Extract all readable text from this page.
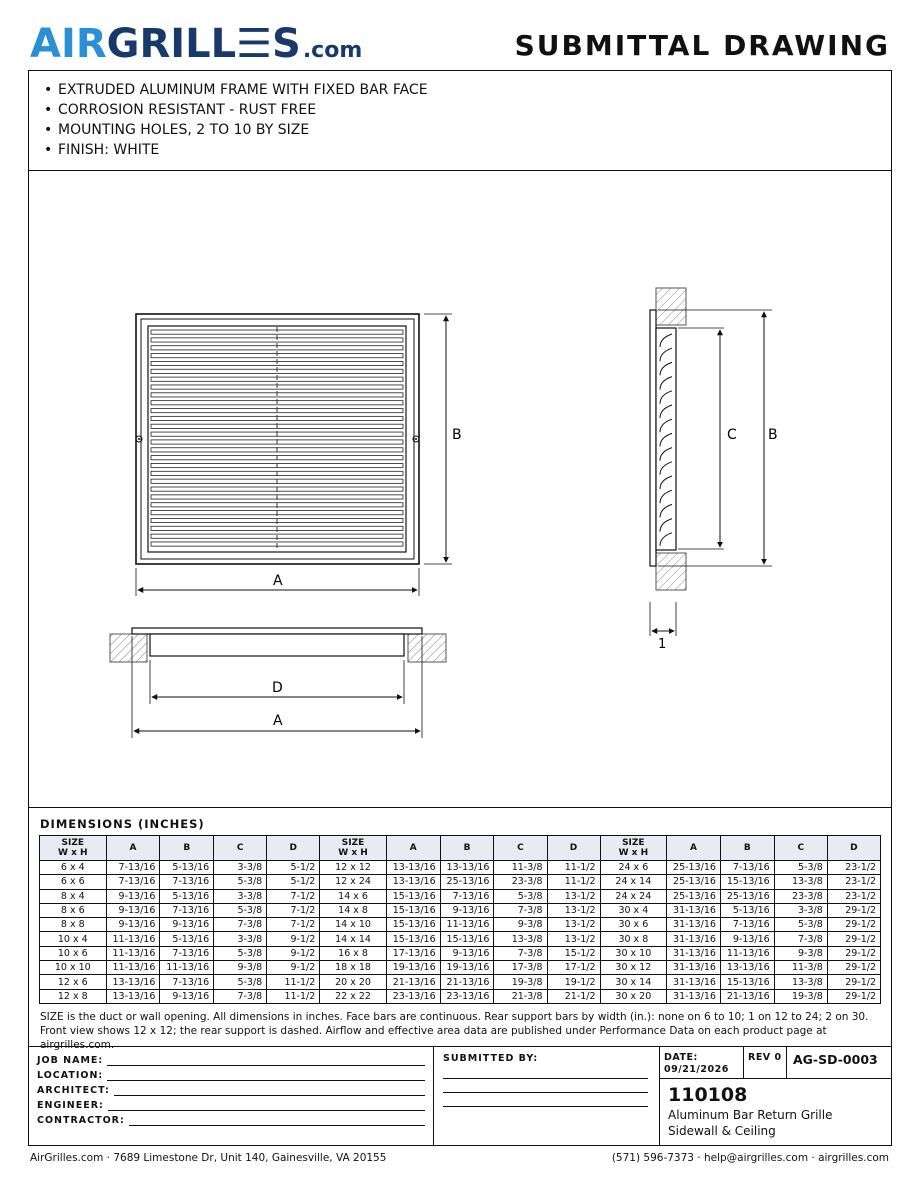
AIR GRILL☰S .com	SUBMITTAL DRAWING
• EXTRUDED ALUMINUM FRAME WITH FIXED BAR FACE
• CORROSION RESISTANT - RUST FREE
• MOUNTING HOLES, 2 TO 10 BY SIZE
• FINISH: WHITE
B
A
D
A
C B
1
DIMENSIONS (INCHES)
SIZE
W x H	A	B	C	D	SIZE
W x H	A	B	C	D	SIZE
W x H	A	B	C	D
6 x 4	7-13/16	5-13/16	3-3/8	5-1/2	12 x 12	13-13/16	13-13/16	11-3/8	11-1/2	24 x 6	25-13/16	7-13/16	5-3/8	23-1/2
6 x 6	7-13/16	7-13/16	5-3/8	5-1/2	12 x 24	13-13/16	25-13/16	23-3/8	11-1/2	24 x 14	25-13/16	15-13/16	13-3/8	23-1/2
8 x 4	9-13/16	5-13/16	3-3/8	7-1/2	14 x 6	15-13/16	7-13/16	5-3/8	13-1/2	24 x 24	25-13/16	25-13/16	23-3/8	23-1/2
8 x 6	9-13/16	7-13/16	5-3/8	7-1/2	14 x 8	15-13/16	9-13/16	7-3/8	13-1/2	30 x 4	31-13/16	5-13/16	3-3/8	29-1/2
8 x 8	9-13/16	9-13/16	7-3/8	7-1/2	14 x 10	15-13/16	11-13/16	9-3/8	13-1/2	30 x 6	31-13/16	7-13/16	5-3/8	29-1/2
10 x 4	11-13/16	5-13/16	3-3/8	9-1/2	14 x 14	15-13/16	15-13/16	13-3/8	13-1/2	30 x 8	31-13/16	9-13/16	7-3/8	29-1/2
10 x 6	11-13/16	7-13/16	5-3/8	9-1/2	16 x 8	17-13/16	9-13/16	7-3/8	15-1/2	30 x 10	31-13/16	11-13/16	9-3/8	29-1/2
10 x 10	11-13/16	11-13/16	9-3/8	9-1/2	18 x 18	19-13/16	19-13/16	17-3/8	17-1/2	30 x 12	31-13/16	13-13/16	11-3/8	29-1/2
12 x 6	13-13/16	7-13/16	5-3/8	11-1/2	20 x 20	21-13/16	21-13/16	19-3/8	19-1/2	30 x 14	31-13/16	15-13/16	13-3/8	29-1/2
12 x 8	13-13/16	9-13/16	7-3/8	11-1/2	22 x 22	23-13/16	23-13/16	21-3/8	21-1/2	30 x 20	31-13/16	21-13/16	19-3/8	29-1/2
SIZE is the duct or wall opening. All dimensions in inches. Face bars are continuous. Rear support bars by width (in.): none on 6 to 10; 1 on 12 to 24; 2 on 30. Front view shows 12 x 12; the rear support is dashed. Airflow and effective area data are published under Performance Data on each product page at airgrilles.com.
JOB NAME:
LOCATION:
ARCHITECT:
ENGINEER:
CONTRACTOR:
SUBMITTED BY:	DATE:
09/21/2026
REV 0 AG-SD-0003
110108
Aluminum Bar Return Grille
Sidewall & Ceiling
AirGrilles.com · 7689 Limestone Dr, Unit 140, Gainesville, VA 20155	(571) 596-7373 · help@airgrilles.com · airgrilles.com
